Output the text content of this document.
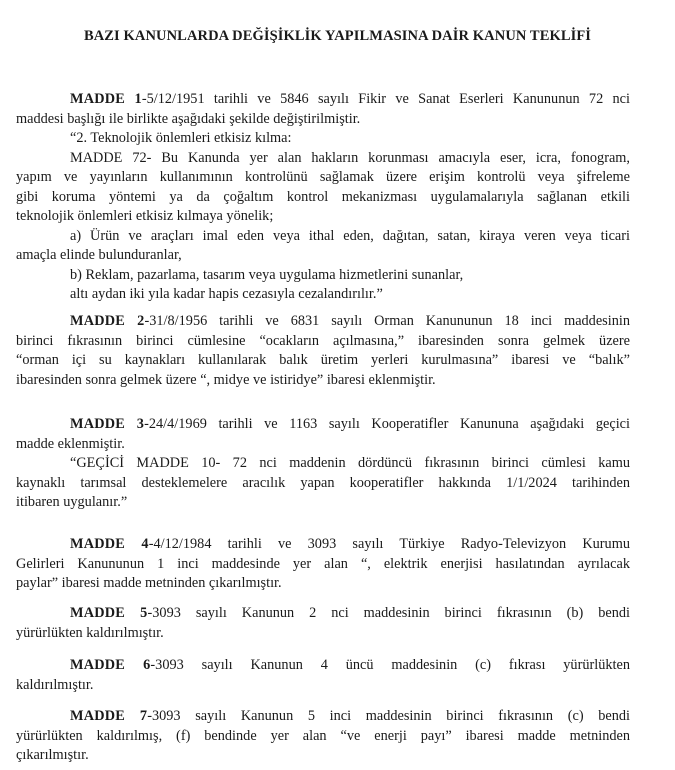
BAZI KANUNLARDA DEĞİŞİKLİK YAPILMASINA DAİR KANUN TEKLİFİ
MADDE 1-5/12/1951 tarihli ve 5846 sayılı Fikir ve Sanat Eserleri Kanununun 72 nci
maddesi başlığı ile birlikte aşağıdaki şekilde değiştirilmiştir.
“2. Teknolojik önlemleri etkisiz kılma:
MADDE 72- Bu Kanunda yer alan hakların korunması amacıyla eser, icra, fonogram,
yapım ve yayınların kullanımının kontrolünü sağlamak üzere erişim kontrolü veya şifreleme
gibi koruma yöntemi ya da çoğaltım kontrol mekanizması uygulamalarıyla sağlanan etkili
teknolojik önlemleri etkisiz kılmaya yönelik;
a) Ürün ve araçları imal eden veya ithal eden, dağıtan, satan, kiraya veren veya ticari
amaçla elinde bulunduranlar,
b) Reklam, pazarlama, tasarım veya uygulama hizmetlerini sunanlar,
altı aydan iki yıla kadar hapis cezasıyla cezalandırılır.”
MADDE 2-31/8/1956 tarihli ve 6831 sayılı Orman Kanununun 18 inci maddesinin
birinci fıkrasının birinci cümlesine “ocakların açılmasına,” ibaresinden sonra gelmek üzere
“orman içi su kaynakları kullanılarak balık üretim yerleri kurulmasına” ibaresi ve “balık”
ibaresinden sonra gelmek üzere “, midye ve istiridye” ibaresi eklenmiştir.
MADDE 3-24/4/1969 tarihli ve 1163 sayılı Kooperatifler Kanununa aşağıdaki geçici
madde eklenmiştir.
“GEÇİCİ MADDE 10- 72 nci maddenin dördüncü fıkrasının birinci cümlesi kamu
kaynaklı tarımsal desteklemelere aracılık yapan kooperatifler hakkında 1/1/2024 tarihinden
itibaren uygulanır.”
MADDE 4-4/12/1984 tarihli ve 3093 sayılı Türkiye Radyo-Televizyon Kurumu
Gelirleri Kanununun 1 inci maddesinde yer alan “, elektrik enerjisi hasılatından ayrılacak
paylar” ibaresi madde metninden çıkarılmıştır.
MADDE 5-3093 sayılı Kanunun 2 nci maddesinin birinci fıkrasının (b) bendi
yürürlükten kaldırılmıştır.
MADDE 6-3093 sayılı Kanunun 4 üncü maddesinin (c) fıkrası yürürlükten
kaldırılmıştır.
MADDE 7-3093 sayılı Kanunun 5 inci maddesinin birinci fıkrasının (c) bendi
yürürlükten kaldırılmış, (f) bendinde yer alan “ve enerji payı” ibaresi madde metninden
çıkarılmıştır.
